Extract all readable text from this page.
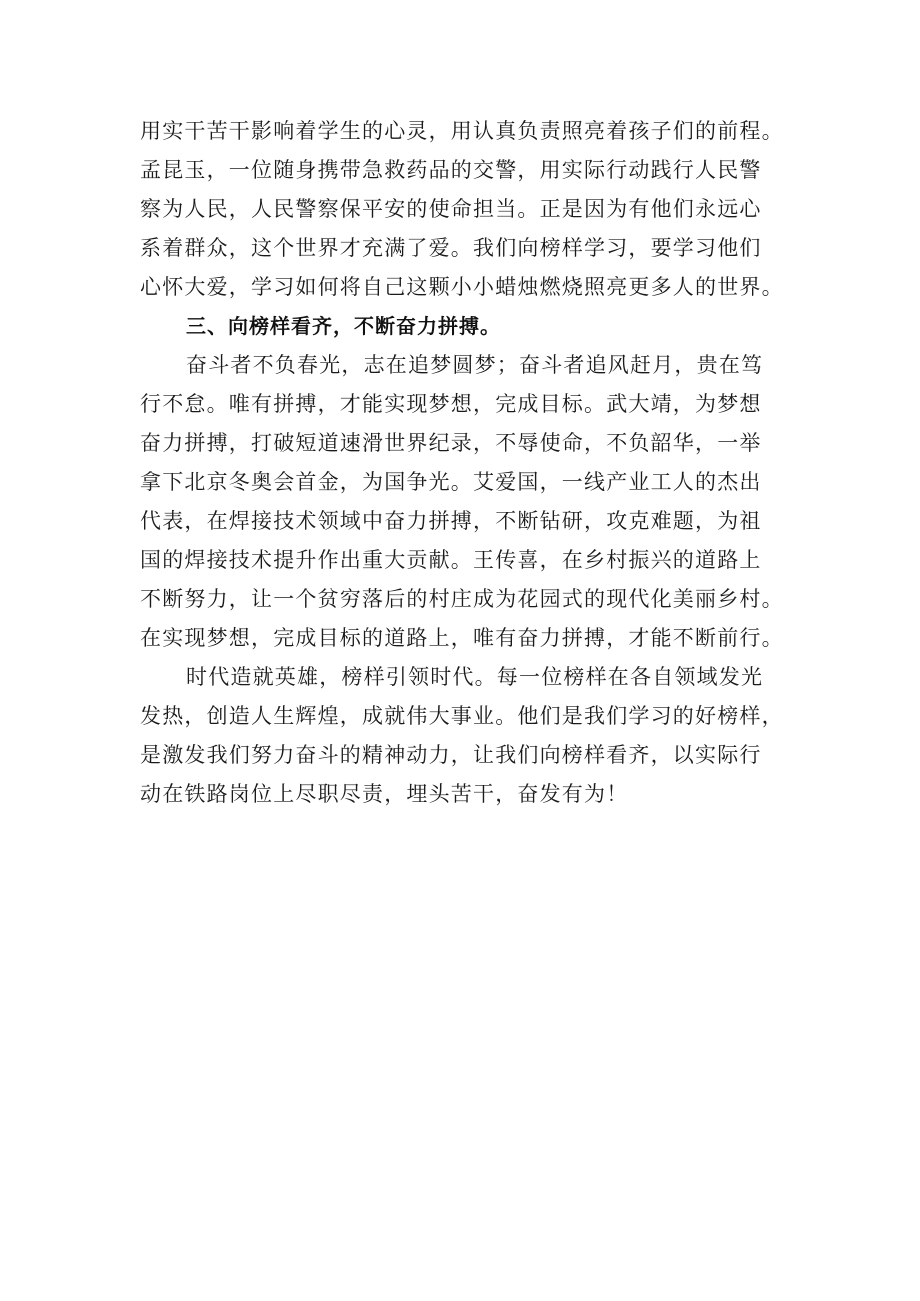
用实干苦干影响着学生的心灵，用认真负责照亮着孩子们的前程。
孟昆玉，一位随身携带急救药品的交警，用实际行动践行人民警
察为人民，人民警察保平安的使命担当。正是因为有他们永远心
系着群众，这个世界才充满了爱。我们向榜样学习，要学习他们
心怀大爱，学习如何将自己这颗小小蜡烛燃烧照亮更多人的世界。
三、向榜样看齐，不断奋力拼搏。
奋斗者不负春光，志在追梦圆梦；奋斗者追风赶月，贵在笃
行不怠。唯有拼搏，才能实现梦想，完成目标。武大靖，为梦想
奋力拼搏，打破短道速滑世界纪录，不辱使命，不负韶华，一举
拿下北京冬奥会首金，为国争光。艾爱国，一线产业工人的杰出
代表，在焊接技术领域中奋力拼搏，不断钻研，攻克难题，为祖
国的焊接技术提升作出重大贡献。王传喜，在乡村振兴的道路上
不断努力，让一个贫穷落后的村庄成为花园式的现代化美丽乡村。
在实现梦想，完成目标的道路上，唯有奋力拼搏，才能不断前行。
时代造就英雄，榜样引领时代。每一位榜样在各自领域发光
发热，创造人生辉煌，成就伟大事业。他们是我们学习的好榜样，
是激发我们努力奋斗的精神动力，让我们向榜样看齐，以实际行
动在铁路岗位上尽职尽责，埋头苦干，奋发有为！
